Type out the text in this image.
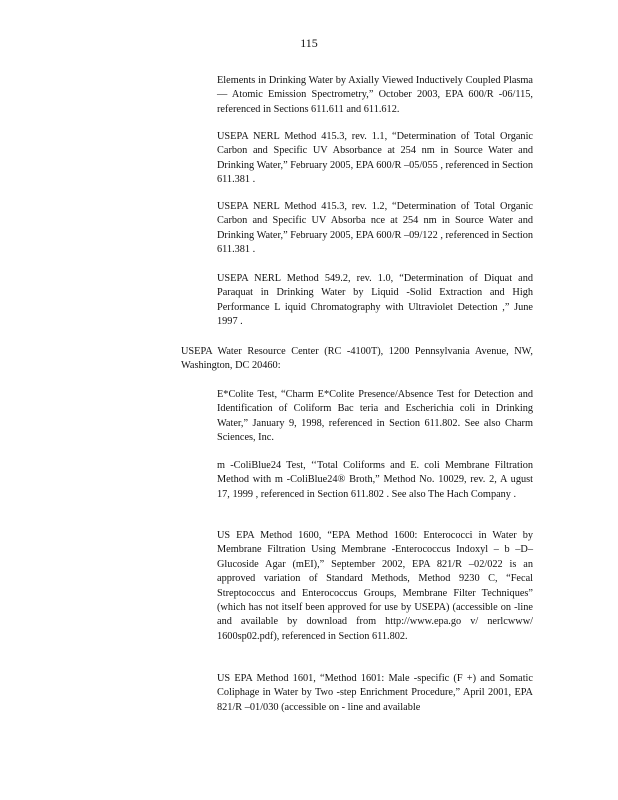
115

Elements in Drinking Water by Axially Viewed Inductively Coupled Plasma — Atomic Emission Spectrometry,” October 2003, EPA 600/R -06/115, referenced in Sections 611.611 and 611.612.

USEPA NERL Method 415.3, rev. 1.1, “Determination of Total Organic Carbon and Specific UV Absorbance at 254 nm in Source Water and Drinking Water,” February 2005, EPA 600/R –05/055 , referenced in Section 611.381 .

USEPA NERL Method 415.3, rev. 1.2, “Determination of Total Organic Carbon and Specific UV Absorba nce at 254 nm in Source Water and Drinking Water,” February 2005, EPA 600/R –09/122 , referenced in Section 611.381 .

USEPA NERL Method 549.2, rev. 1.0, “Determination of Diquat and Paraquat in Drinking Water by Liquid -Solid Extraction and High Performance L iquid Chromatography with Ultraviolet Detection ,” June 1997 .

USEPA Water Resource Center (RC -4100T), 1200 Pennsylvania Avenue, NW, Washington, DC 20460:

E*Colite Test, “Charm E*Colite Presence/Absence Test for Detection and Identification of Coliform Bac teria and Escherichia coli in Drinking Water,” January 9, 1998, referenced in Section 611.802. See also Charm Sciences, Inc.

m -ColiBlue24 Test, ‘‘Total Coliforms and E. coli Membrane Filtration Method with m -ColiBlue24® Broth,” Method No. 10029, rev. 2, A ugust 17, 1999 , referenced in Section 611.802 . See also The Hach Company .

US EPA Method 1600, “EPA Method 1600: Enterococci in Water by Membrane Filtration Using Membrane -Enterococcus Indoxyl – b –D–Glucoside Agar (mEI),” September 2002, EPA 821/R –02/022 is an approved variation of Standard Methods, Method 9230 C, “Fecal Streptococcus and Enterococcus Groups, Membrane Filter Techniques” (which has not itself been approved for use by USEPA) (accessible on -line and available by download from http://www.epa.go v/ nerlcwww/ 1600sp02.pdf), referenced in Section 611.802.

US EPA Method 1601, “Method 1601: Male -specific (F +) and Somatic Coliphage in Water by Two -step Enrichment Procedure,” April 2001, EPA 821/R –01/030 (accessible on - line and available
